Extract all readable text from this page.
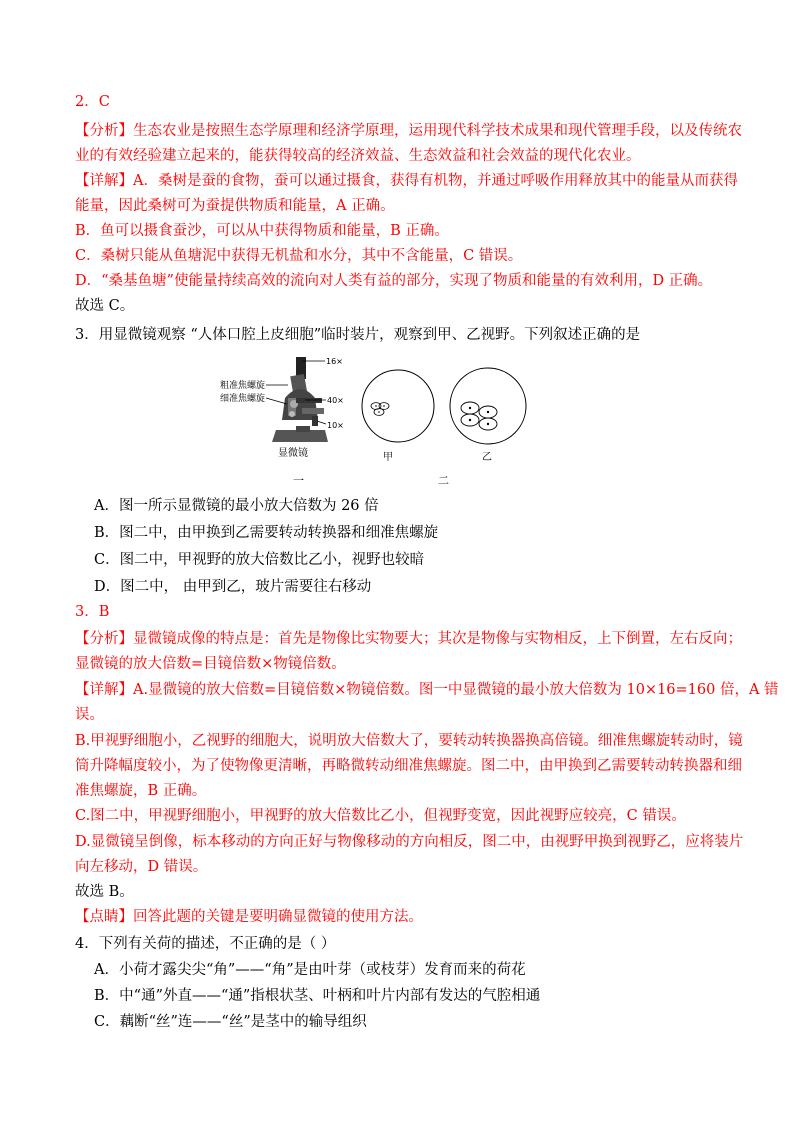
2．C
【分析】生态农业是按照生态学原理和经济学原理，运用现代科学技术成果和现代管理手段，以及传统农
业的有效经验建立起来的，能获得较高的经济效益、生态效益和社会效益的现代化农业。
【详解】A．桑树是蚕的食物，蚕可以通过摄食，获得有机物，并通过呼吸作用释放其中的能量从而获得
能量，因此桑树可为蚕提供物质和能量，A 正确。
B．鱼可以摄食蚕沙，可以从中获得物质和能量，B 正确。
C．桑树只能从鱼塘泥中获得无机盐和水分，其中不含能量，C 错误。
D．“桑基鱼塘”使能量持续高效的流向对人类有益的部分，实现了物质和能量的有效利用，D 正确。
故选 C。
3．用显微镜观察 “人体口腔上皮细胞”临时装片，观察到甲、乙视野。下列叙述正确的是
16×
粗准焦螺旋
细准焦螺旋	40×
10×
显微镜	甲	乙
一	二
A．图一所示显微镜的最小放大倍数为 26 倍
B．图二中，由甲换到乙需要转动转换器和细准焦螺旋
C．图二中，甲视野的放大倍数比乙小，视野也较暗
D．图二中， 由甲到乙，玻片需要往右移动
3．B
【分析】显微镜成像的特点是：首先是物像比实物要大；其次是物像与实物相反，上下倒置，左右反向；
显微镜的放大倍数=目镜倍数×物镜倍数。
【详解】A.显微镜的放大倍数=目镜倍数×物镜倍数。图一中显微镜的最小放大倍数为 10×16=160 倍，A 错
误。
B.甲视野细胞小，乙视野的细胞大，说明放大倍数大了，要转动转换器换高倍镜。细准焦螺旋转动时，镜
筒升降幅度较小，为了使物像更清晰，再略微转动细准焦螺旋。图二中，由甲换到乙需要转动转换器和细
准焦螺旋，B 正确。
C.图二中，甲视野细胞小，甲视野的放大倍数比乙小，但视野变宽，因此视野应较亮，C 错误。
D.显微镜呈倒像，标本移动的方向正好与物像移动的方向相反，图二中，由视野甲换到视野乙，应将装片
向左移动，D 错误。
故选 B。
【点睛】回答此题的关键是要明确显微镜的使用方法。
4．下列有关荷的描述，不正确的是（ ）
A．小荷才露尖尖“角”——“角”是由叶芽（或枝芽）发育而来的荷花
B．中“通”外直——“通”指根状茎、叶柄和叶片内部有发达的气腔相通
C．藕断“丝”连——“丝”是茎中的输导组织
